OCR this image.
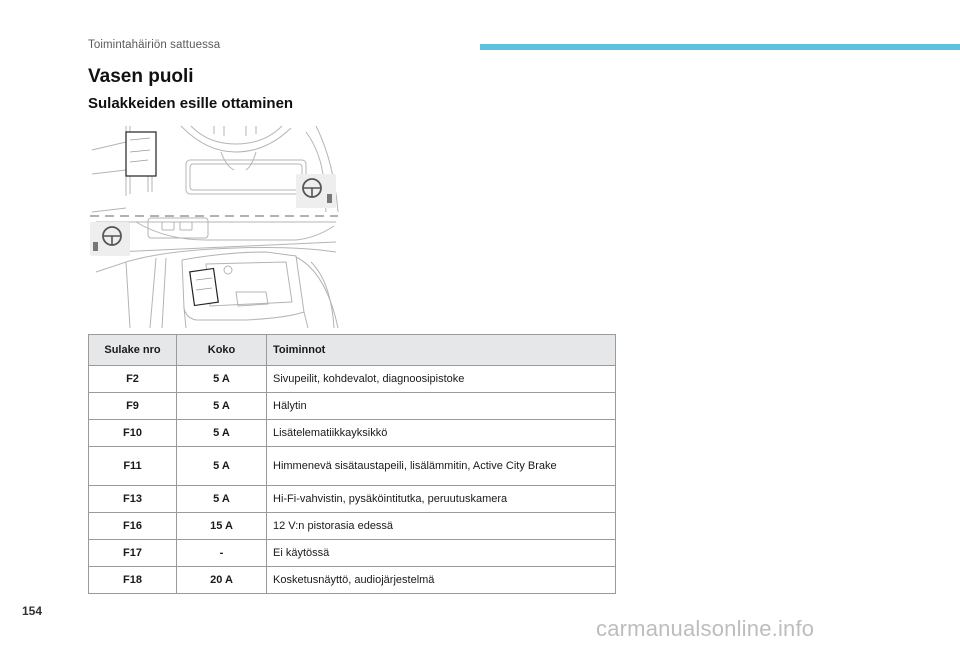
Toimintahäiriön sattuessa
Vasen puoli
Sulakkeiden esille ottaminen
Sulake nro	Koko	Toiminnot
F2	5 A	Sivupeilit, kohdevalot, diagnoosipistoke
F9	5 A	Hälytin
F10	5 A	Lisätelematiikkayksikkö
F11	5 A	Himmenevä sisätaustapeili, lisälämmitin, Active City Brake
F13	5 A	Hi-Fi-vahvistin, pysäköintitutka, peruutuskamera
F16	15 A	12 V:n pistorasia edessä
F17	-	Ei käytössä
F18	20 A	Kosketusnäyttö, audiojärjestelmä
154
carmanualsonline.info
